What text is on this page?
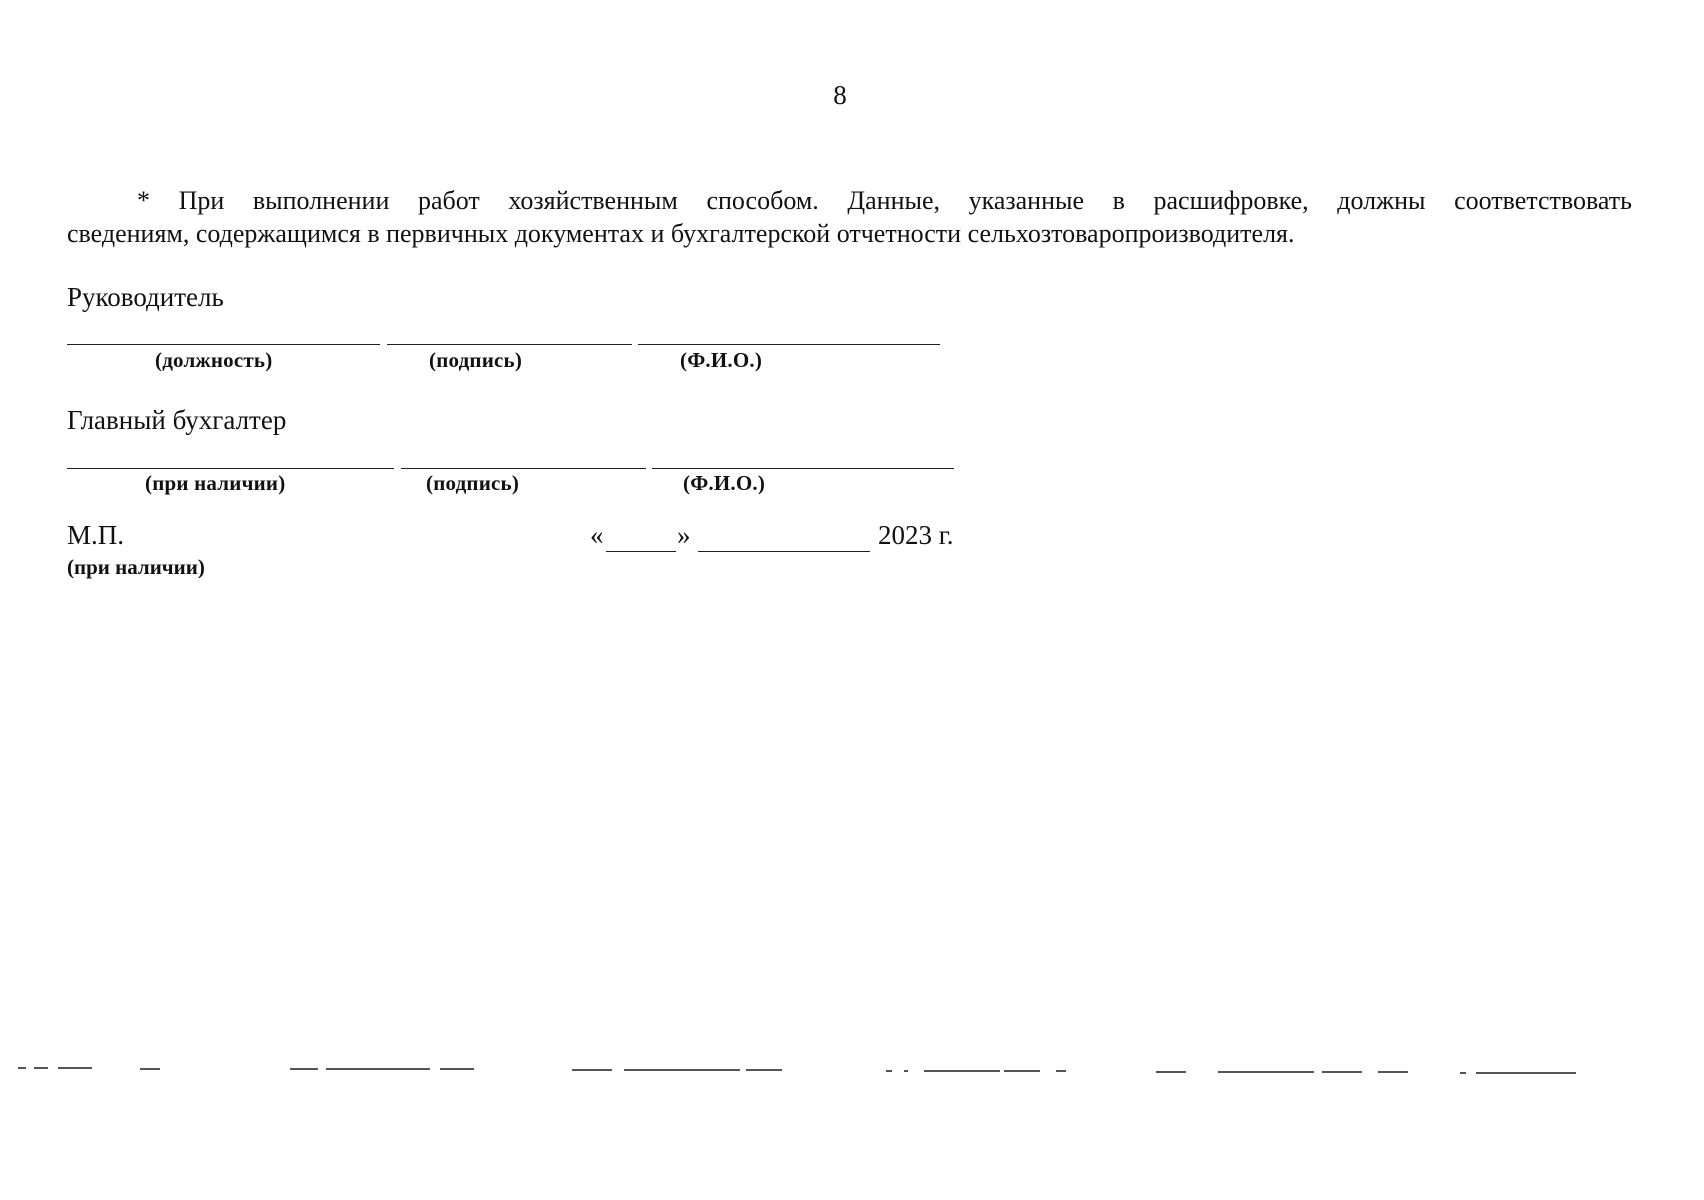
8
* При выполнении работ хозяйственным способом. Данные, указанные в расшифровке, должны соответствовать
сведениям, содержащимся в первичных документах и бухгалтерской отчетности сельхозтоваропроизводителя.
Руководитель
(должность)	(подпись)	(Ф.И.О.)
Главный бухгалтер
(при наличии)	(подпись)	(Ф.И.О.)
М.П.
(при наличии)
«	»	2023 г.
